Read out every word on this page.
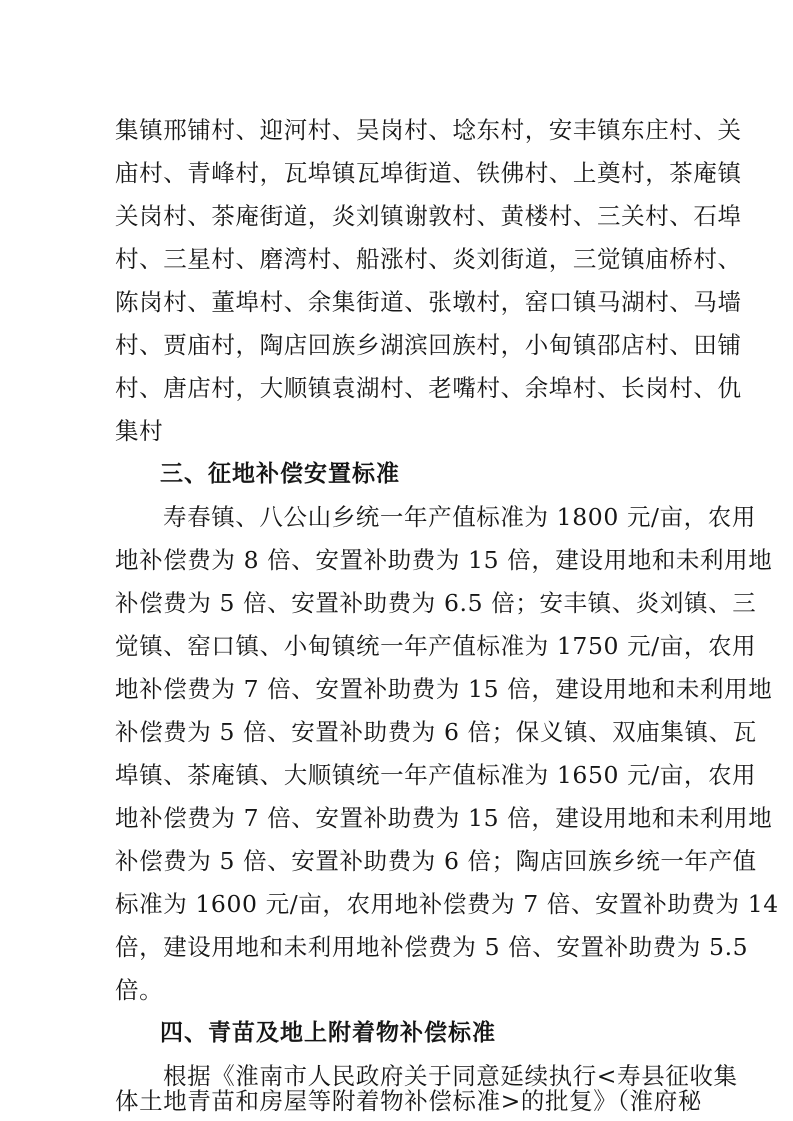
集镇邢铺村、迎河村、吴岗村、埝东村，安丰镇东庄村、关
庙村、青峰村，瓦埠镇瓦埠街道、铁佛村、上奠村，茶庵镇
关岗村、茶庵街道，炎刘镇谢敦村、黄楼村、三关村、石埠
村、三星村、磨湾村、船涨村、炎刘街道，三觉镇庙桥村、
陈岗村、董埠村、余集街道、张墩村，窑口镇马湖村、马墙
村、贾庙村，陶店回族乡湖滨回族村，小甸镇邵店村、田铺
村、唐店村，大顺镇袁湖村、老嘴村、余埠村、长岗村、仇
集村
三、征地补偿安置标准
寿春镇、八公山乡统一年产值标准为 1800 元/亩，农用
地补偿费为 8 倍、安置补助费为 15 倍，建设用地和未利用地
补偿费为 5 倍、安置补助费为 6.5 倍；安丰镇、炎刘镇、三
觉镇、窑口镇、小甸镇统一年产值标准为 1750 元/亩，农用
地补偿费为 7 倍、安置补助费为 15 倍，建设用地和未利用地
补偿费为 5 倍、安置补助费为 6 倍；保义镇、双庙集镇、瓦
埠镇、茶庵镇、大顺镇统一年产值标准为 1650 元/亩，农用
地补偿费为 7 倍、安置补助费为 15 倍，建设用地和未利用地
补偿费为 5 倍、安置补助费为 6 倍；陶店回族乡统一年产值
标准为 1600 元/亩，农用地补偿费为 7 倍、安置补助费为 14
倍，建设用地和未利用地补偿费为 5 倍、安置补助费为 5.5
倍。
四、青苗及地上附着物补偿标准
根据《淮南市人民政府关于同意延续执行<寿县征收集
体土地青苗和房屋等附着物补偿标准>的批复》（淮府秘
